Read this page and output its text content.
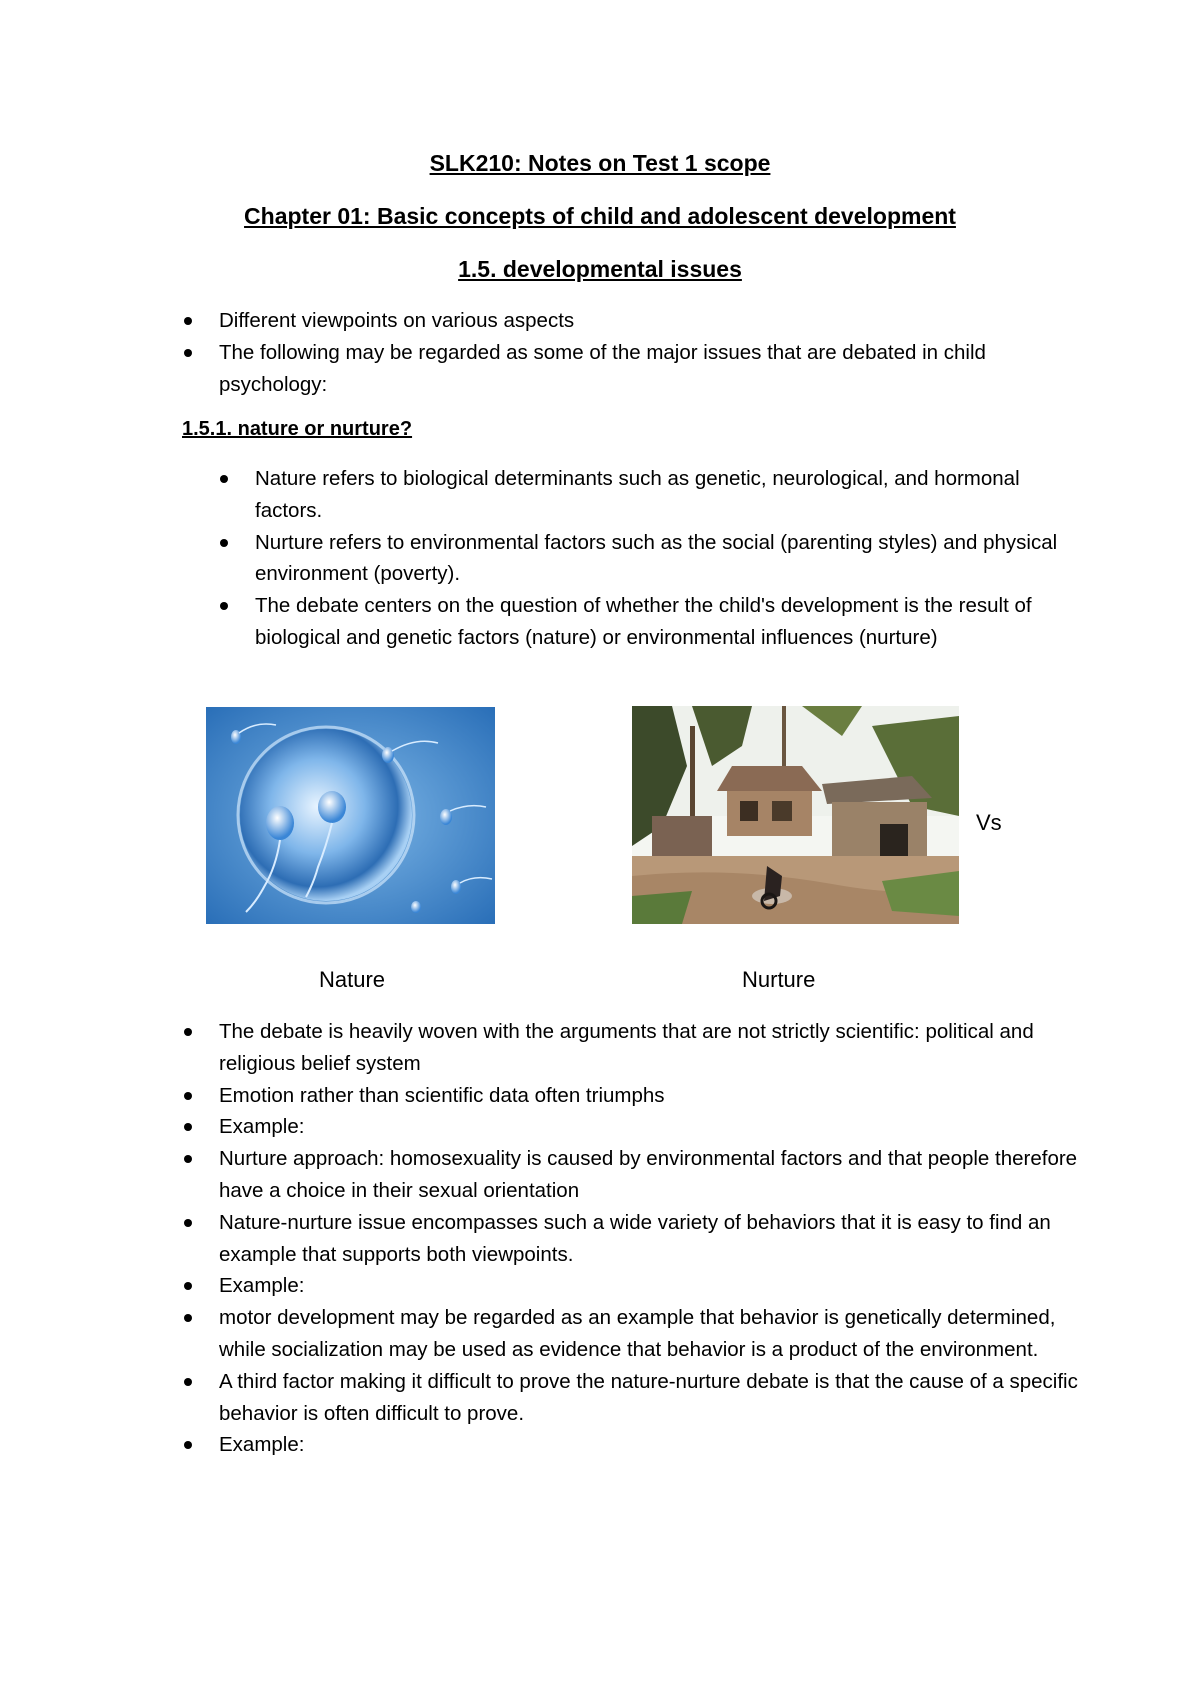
SLK210: Notes on Test 1 scope
Chapter 01: Basic concepts of child and adolescent development
1.5. developmental issues
Different viewpoints on various aspects
The following may be regarded as some of the major issues that are debated in child psychology:
1.5.1. nature or nurture?
Nature refers to biological determinants such as genetic, neurological, and hormonal factors.
Nurture refers to environmental factors such as the social (parenting styles) and physical environment (poverty).
The debate centers on the question of whether the child's development is the result of biological and genetic factors (nature) or environmental influences (nurture)
Vs
Nature	Nurture
The debate is heavily woven with the arguments that are not strictly scientific: political and religious belief system
Emotion rather than scientific data often triumphs
Example:
Nurture approach: homosexuality is caused by environmental factors and that people therefore have a choice in their sexual orientation
Nature-nurture issue encompasses such a wide variety of behaviors that it is easy to find an example that supports both viewpoints.
Example:
motor development may be regarded as an example that behavior is genetically determined, while socialization may be used as evidence that behavior is a product of the environment.
A third factor making it difficult to prove the nature-nurture debate is that the cause of a specific behavior is often difficult to prove.
Example:
